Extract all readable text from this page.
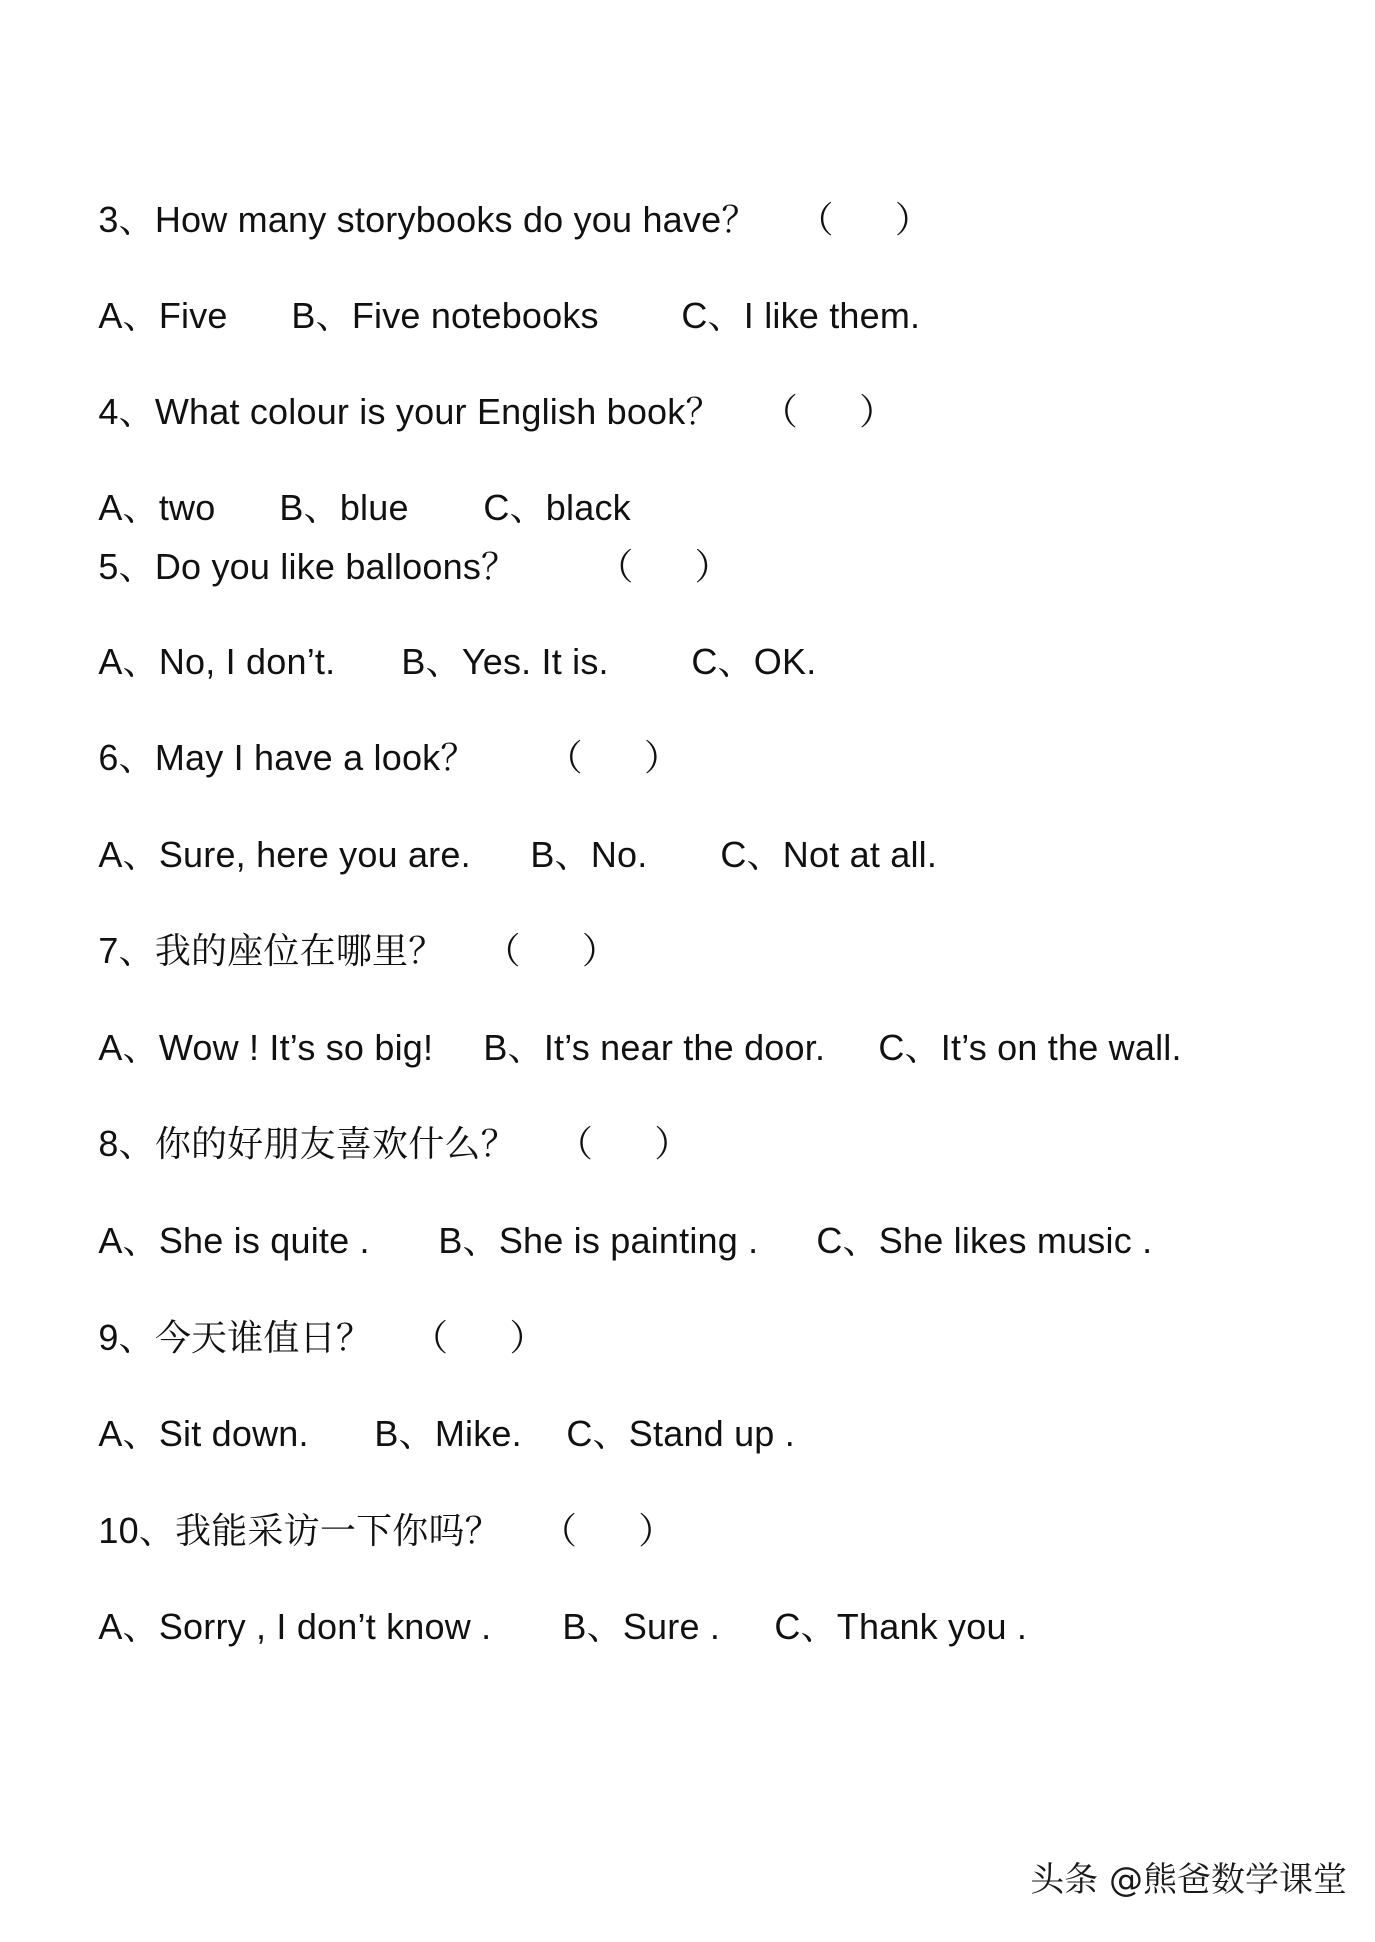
3、How many storybooks do you have？ （      ）

A、Five B、Five notebooks C、I like them.

4、What colour is your English book？ （      ）

A、two B、blue C、black

5、Do you like balloons？ （      ）

A、No, I don’t. B、Yes. It is. C、OK.

6、May I have a look？ （      ）

A、Sure, here you are. B、No. C、Not at all.

7、我的座位在哪里？ （      ）

A、Wow ! It’s so big! B、It’s near the door. C、It’s on the wall.

8、你的好朋友喜欢什么？ （      ）

A、She is quite . B、She is painting . C、She likes music .

9、今天谁值日？ （      ）

A、Sit down. B、Mike. C、Stand up .

10、我能采访一下你吗？ （      ）

A、Sorry , I don’t know . B、Sure . C、Thank you .

头条 @熊爸数学课堂
